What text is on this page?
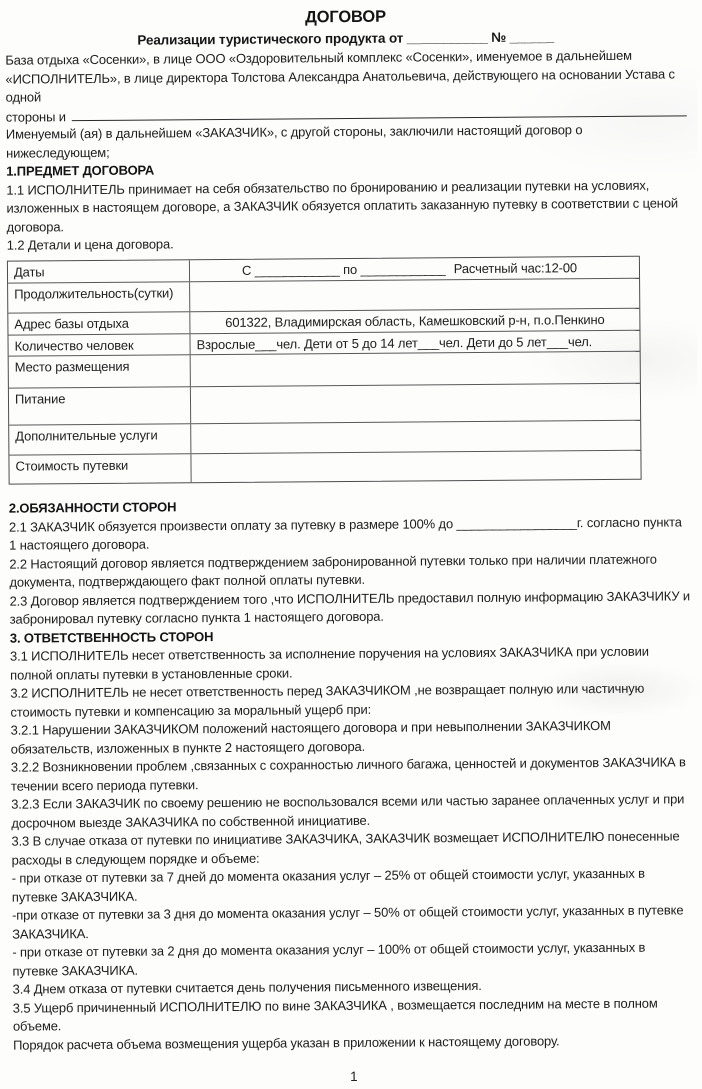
ДОГОВОР
Реализации туристического продукта от ___________ № ______

База отдыха «Сосенки», в лице ООО «Оздоровительный комплекс «Сосенки», именуемое в дальнейшем «ИСПОЛНИТЕЛЬ», в лице директора Толстова Александра Анатольевича, действующего на основании Устава с одной

стороны и

Именуемый (ая) в дальнейшем «ЗАКАЗЧИК», с другой стороны, заключили настоящий договор о нижеследующем;

1.ПРЕДМЕТ ДОГОВОРА

1.1 ИСПОЛНИТЕЛЬ принимает на себя обязательство по бронированию и реализации путевки на условиях, изложенных в настоящем договоре, а ЗАКАЗЧИК обязуется оплатить заказанную путевку в соответствии с ценой договора.

1.2 Детали и цена договора.

Даты	С ____________ по ____________ Расчетный час:12-00
Продолжительность(сутки)
Адрес базы отдыха	601322, Владимирская область, Камешковский р-н, п.о.Пенкино
Количество человек	Взрослые___чел. Дети от 5 до 14 лет___чел. Дети до 5 лет___чел.
Место размещения
Питание
Дополнительные услуги
Стоимость путевки

2.ОБЯЗАННОСТИ СТОРОН

2.1 ЗАКАЗЧИК обязуется произвести оплату за путевку в размере 100% до _________________г. согласно пункта 1 настоящего договора.

2.2 Настоящий договор является подтверждением забронированной путевки только при наличии платежного документа, подтверждающего факт полной оплаты путевки.

2.3 Договор является подтверждением того ,что ИСПОЛНИТЕЛЬ предоставил полную информацию ЗАКАЗЧИКУ и забронировал путевку согласно пункта 1 настоящего договора.

3. ОТВЕТСТВЕННОСТЬ СТОРОН

3.1 ИСПОЛНИТЕЛЬ несет ответственность за исполнение поручения на условиях ЗАКАЗЧИКА при условии полной оплаты путевки в установленные сроки.

3.2 ИСПОЛНИТЕЛЬ не несет ответственность перед ЗАКАЗЧИКОМ ,не возвращает полную или частичную стоимость путевки и компенсацию за моральный ущерб при:

3.2.1 Нарушении ЗАКАЗЧИКОМ положений настоящего договора и при невыполнении ЗАКАЗЧИКОМ обязательств, изложенных в пункте 2 настоящего договора.

3.2.2 Возникновении проблем ,связанных с сохранностью личного багажа, ценностей и документов ЗАКАЗЧИКА в течении всего периода путевки.

3.2.3 Если ЗАКАЗЧИК по своему решению не воспользовался всеми или частью заранее оплаченных услуг и при досрочном выезде ЗАКАЗЧИКА по собственной инициативе.

3.3 В случае отказа от путевки по инициативе ЗАКАЗЧИКА, ЗАКАЗЧИК возмещает ИСПОЛНИТЕЛЮ понесенные расходы в следующем порядке и объеме:

- при отказе от путевки за 7 дней до момента оказания услуг – 25% от общей стоимости услуг, указанных в путевке ЗАКАЗЧИКА.

-при отказе от путевки за 3 дня до момента оказания услуг – 50% от общей стоимости услуг, указанных в путевке ЗАКАЗЧИКА.

- при отказе от путевки за 2 дня до момента оказания услуг – 100% от общей стоимости услуг, указанных в путевке ЗАКАЗЧИКА.

3.4 Днем отказа от путевки считается день получения письменного извещения.

3.5 Ущерб причиненный ИСПОЛНИТЕЛЮ по вине ЗАКАЗЧИКА , возмещается последним на месте в полном объеме.

Порядок расчета объема возмещения ущерба указан в приложении к настоящему договору.

1
